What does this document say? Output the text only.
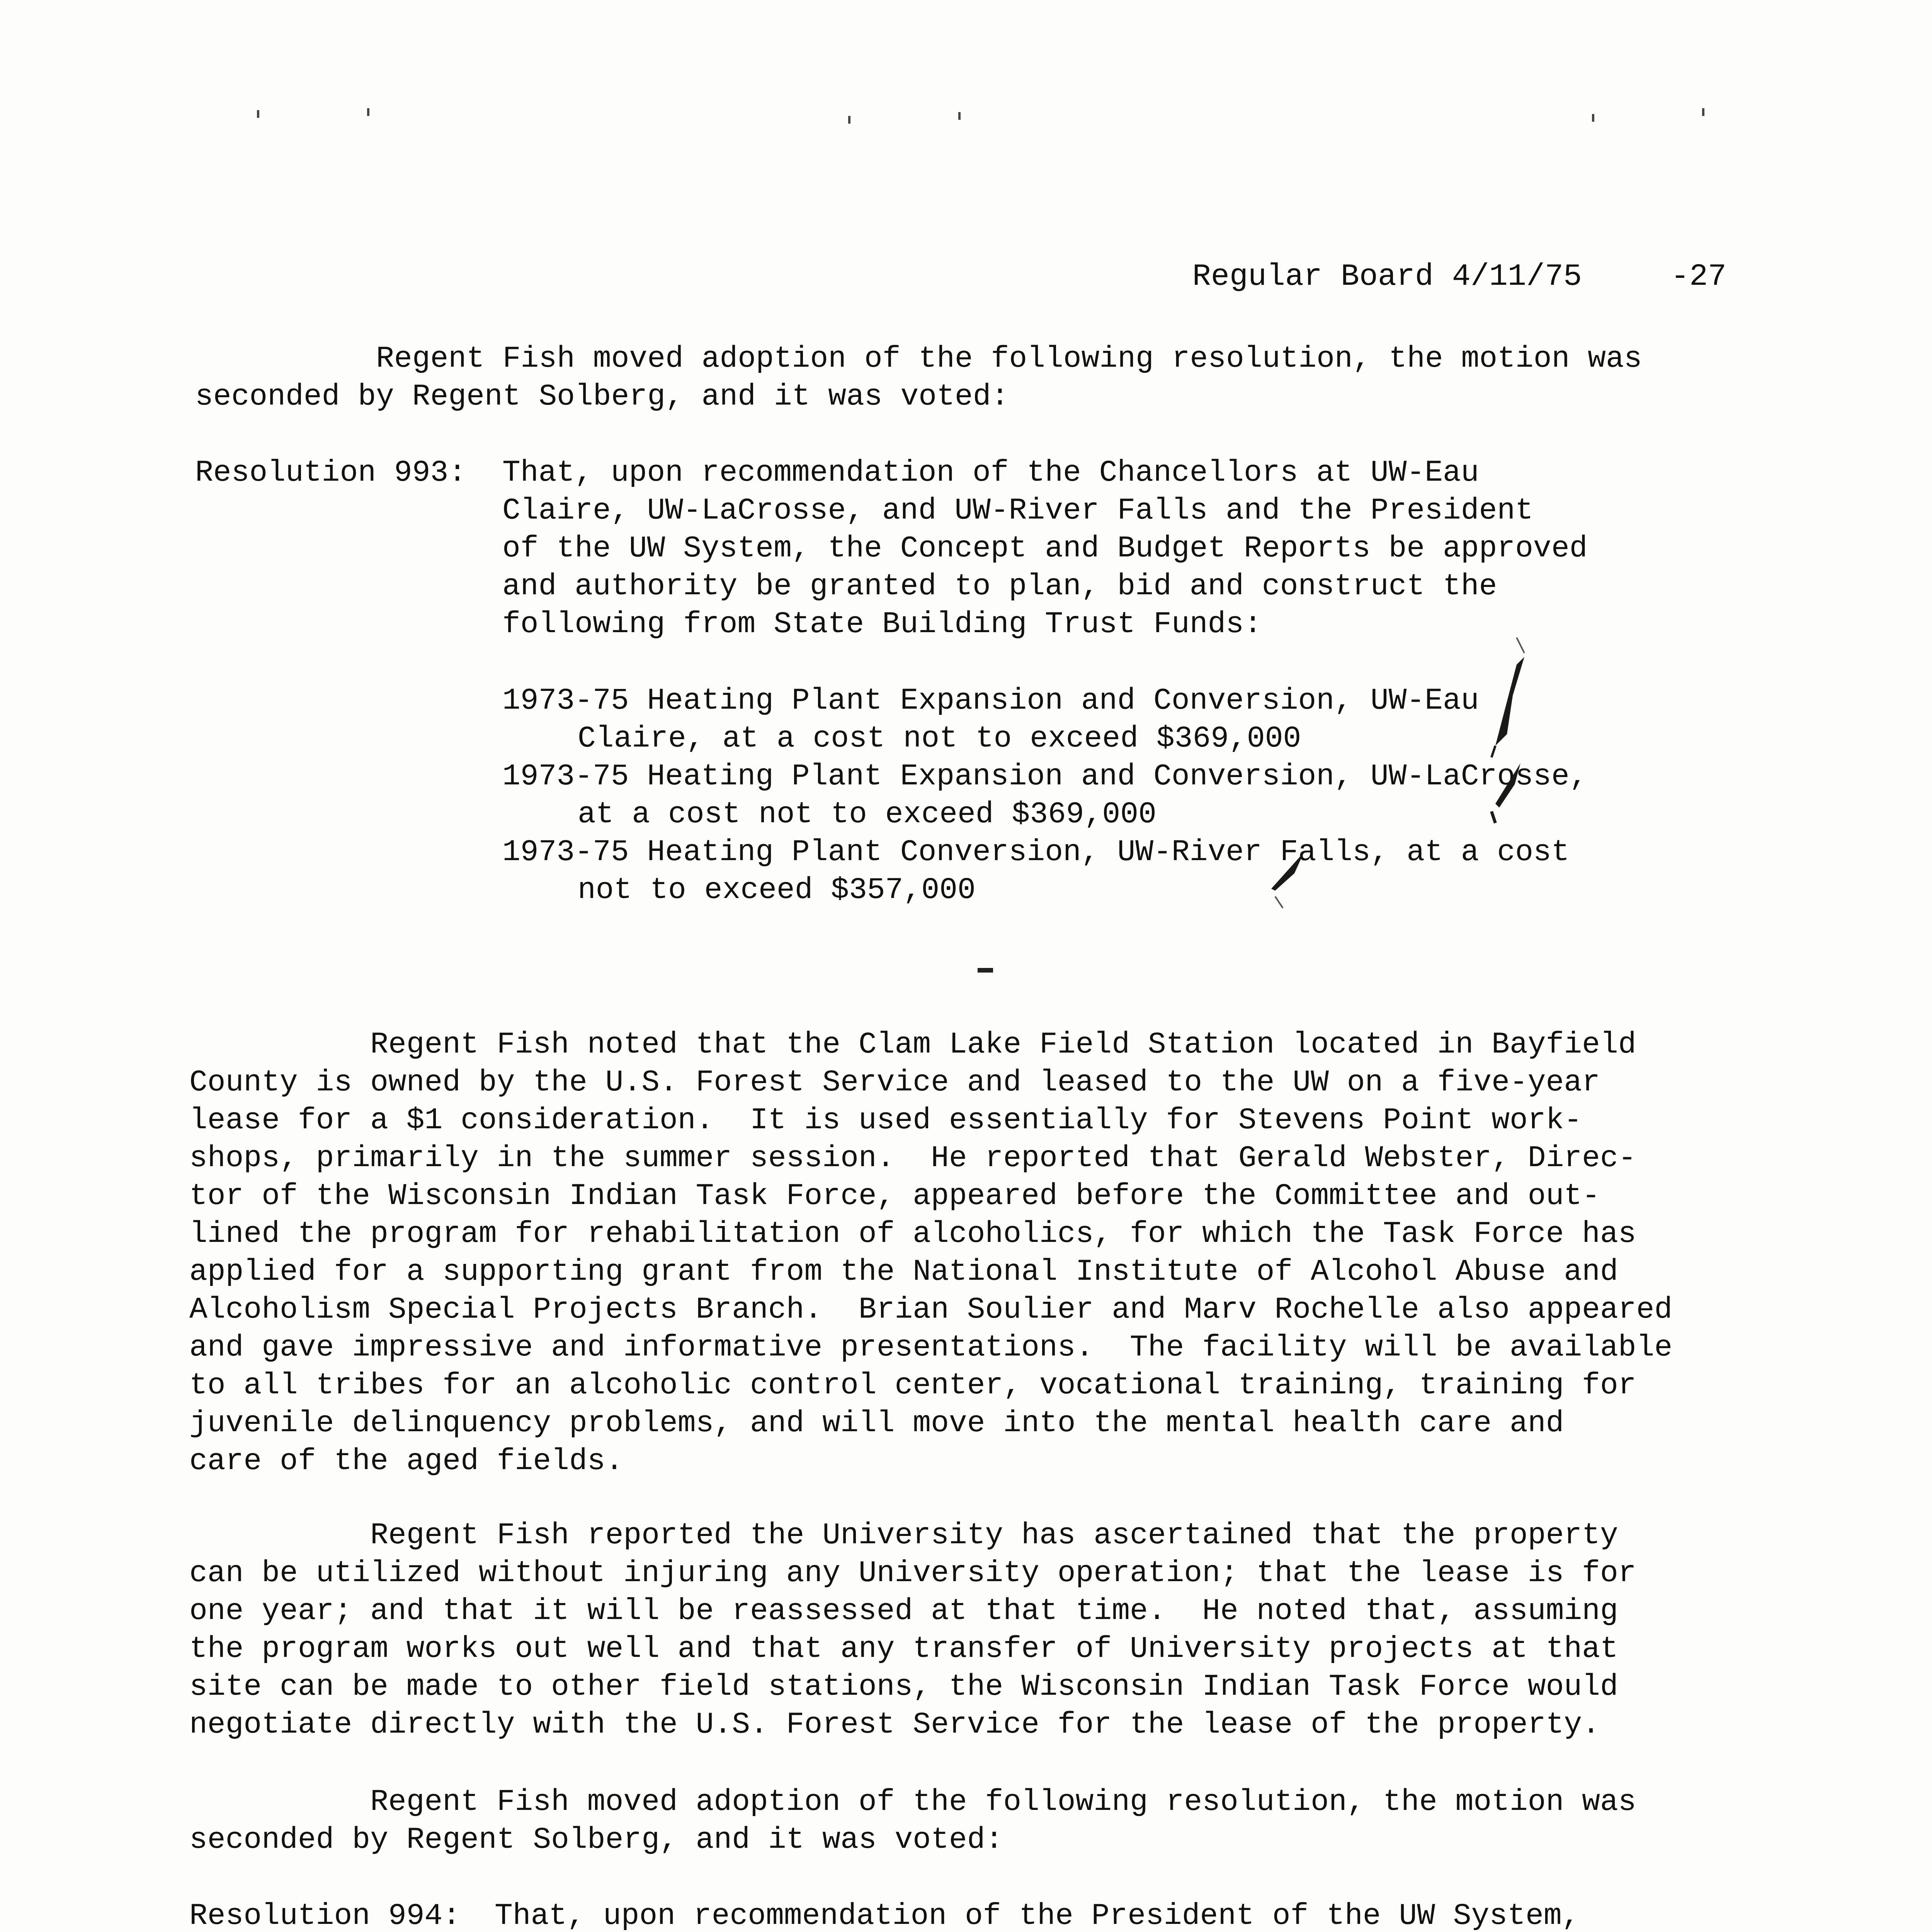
Regular Board 4/11/75	-27

Regent Fish moved adoption of the following resolution, the motion was
seconded by Regent Solberg, and it was voted:
Resolution 993: That, upon recommendation of the Chancellors at UW-Eau
Claire, UW-LaCrosse, and UW-River Falls and the President
of the UW System, the Concept and Budget Reports be approved
and authority be granted to plan, bid and construct the
following from State Building Trust Funds:
1973-75 Heating Plant Expansion and Conversion, UW-Eau
Claire, at a cost not to exceed $369,000
1973-75 Heating Plant Expansion and Conversion, UW-LaCrosse,
at a cost not to exceed $369,000
1973-75 Heating Plant Conversion, UW-River Falls, at a cost
not to exceed $357,000
Regent Fish noted that the Clam Lake Field Station located in Bayfield
County is owned by the U.S. Forest Service and leased to the UW on a five-year
lease for a $1 consideration.  It is used essentially for Stevens Point work-
shops, primarily in the summer session.  He reported that Gerald Webster, Direc-
tor of the Wisconsin Indian Task Force, appeared before the Committee and out-
lined the program for rehabilitation of alcoholics, for which the Task Force has
applied for a supporting grant from the National Institute of Alcohol Abuse and
Alcoholism Special Projects Branch.  Brian Soulier and Marv Rochelle also appeared
and gave impressive and informative presentations.  The facility will be available
to all tribes for an alcoholic control center, vocational training, training for
juvenile delinquency problems, and will move into the mental health care and
care of the aged fields.
Regent Fish reported the University has ascertained that the property
can be utilized without injuring any University operation; that the lease is for
one year; and that it will be reassessed at that time.  He noted that, assuming
the program works out well and that any transfer of University projects at that
site can be made to other field stations, the Wisconsin Indian Task Force would
negotiate directly with the U.S. Forest Service for the lease of the property.
Regent Fish moved adoption of the following resolution, the motion was
seconded by Regent Solberg, and it was voted:
Resolution 994: That, upon recommendation of the President of the UW System,
